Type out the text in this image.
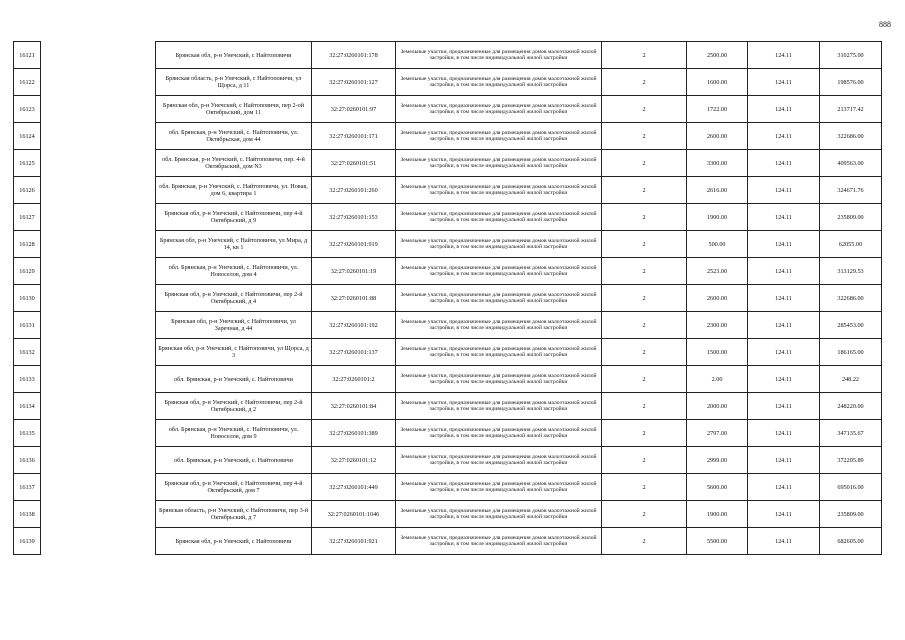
888
16121		Брянская обл, р-н Унечский, с Найтоповичи	32:27:0260101:178	Земельные участки, предназначенные для размещения домов малоэтажной жилой застройки, в том числе индивидуальной жилой застройки	2	2500.00	124.11	310275.00
16122		Брянская область, р-н Унечский, с Найтоповичи, ул Щорса, д 11	32:27:0260101:127	Земельные участки, предназначенные для размещения домов малоэтажной жилой застройки, в том числе индивидуальной жилой застройки	2	1600.00	124.11	198576.00
16123		Брянская обл, р-н Унечский, с Найтоповичи, пер 2-ой Октябрьский, дом 11	32:27:0260101:97	Земельные участки, предназначенные для размещения домов малоэтажной жилой застройки, в том числе индивидуальной жилой застройки	2	1722.00	124.11	213717.42
16124		обл. Брянская, р-н Унечский, с. Найтоповичи, ул. Октябрьская, дом 44	32:27:0260101:171	Земельные участки, предназначенные для размещения домов малоэтажной жилой застройки, в том числе индивидуальной жилой застройки	2	2600.00	124.11	322686.00
16125		обл. Брянская, р-н Унечский, с. Найтоповичи, пер. 4-й Октябрьский, дом N3	32:27:0260101:51	Земельные участки, предназначенные для размещения домов малоэтажной жилой застройки, в том числе индивидуальной жилой застройки	2	3300.00	124.11	409563.00
16126		обл. Брянская, р-н Унечский, с. Найтоповичи, ул. Новая, дом 6, квартира 1	32:27:0260101:260	Земельные участки, предназначенные для размещения домов малоэтажной жилой застройки, в том числе индивидуальной жилой застройки	2	2616.00	124.11	324671.76
16127		Брянская обл, р-н Унечский, с Найтоповичи, пер 4-й Октябрьский, д 9	32:27:0260101:153	Земельные участки, предназначенные для размещения домов малоэтажной жилой застройки, в том числе индивидуальной жилой застройки	2	1900.00	124.11	235809.00
16128		Брянская обл, р-н Унечский, с Найтоповичи, ул Мира, д 14, кв 1	32:27:0260101:919	Земельные участки, предназначенные для размещения домов малоэтажной жилой застройки, в том числе индивидуальной жилой застройки	2	500.00	124.11	62055.00
16129		обл. Брянская, р-н Унечский, с. Найтоповичи, ул. Новоселов, дом 4	32:27:0260101:19	Земельные участки, предназначенные для размещения домов малоэтажной жилой застройки, в том числе индивидуальной жилой застройки	2	2523.00	124.11	313129.53
16130		Брянская обл, р-н Унечский, с Найтоповичи, пер 2-й Октябрьский, д 4	32:27:0260101:88	Земельные участки, предназначенные для размещения домов малоэтажной жилой застройки, в том числе индивидуальной жилой застройки	2	2600.00	124.11	322686.00
16131		Брянская обл, р-н Унечский, с Найтоповичи, ул Заречная, д 44	32:27:0260101:192	Земельные участки, предназначенные для размещения домов малоэтажной жилой застройки, в том числе индивидуальной жилой застройки	2	2300.00	124.11	285453.00
16132		Брянская обл, р-н Унечский, с Найтоповичи, ул Щорса, д 3	32:27:0260101:137	Земельные участки, предназначенные для размещения домов малоэтажной жилой застройки, в том числе индивидуальной жилой застройки	2	1500.00	124.11	186165.00
16133		обл. Брянская, р-н Унечский, с. Найтоповичи	32:27:0260101:2	Земельные участки, предназначенные для размещения домов малоэтажной жилой застройки, в том числе индивидуальной жилой застройки	2	2.00	124.11	248.22
16134		Брянская обл, р-н Унечский, с Найтоповичи, пер 2-й Октябрьский, д 2	32:27:0260101:84	Земельные участки, предназначенные для размещения домов малоэтажной жилой застройки, в том числе индивидуальной жилой застройки	2	2000.00	124.11	248220.00
16135		обл. Брянская, р-н Унечский, с. Найтоповичи, ул. Новоселов, дом 9	32:27:0260101:389	Земельные участки, предназначенные для размещения домов малоэтажной жилой застройки, в том числе индивидуальной жилой застройки	2	2797.00	124.11	347135.67
16136		обл. Брянская, р-н Унечский, с. Найтоповичи	32:27:0260101:12	Земельные участки, предназначенные для размещения домов малоэтажной жилой застройки, в том числе индивидуальной жилой застройки	2	2999.00	124.11	372205.89
16137		Брянская обл, р-н Унечский, с Найтоповичи, пер 4-й Октябрьский, дом 7	32:27:0260101:449	Земельные участки, предназначенные для размещения домов малоэтажной жилой застройки, в том числе индивидуальной жилой застройки	2	5600.00	124.11	695016.00
16138		Брянская область, р-н Унечский, с Найтоповичи, пер 3-й Октябрьский, д 7	32:27:0260101:1046	Земельные участки, предназначенные для размещения домов малоэтажной жилой застройки, в том числе индивидуальной жилой застройки	2	1900.00	124.11	235809.00
16139		Брянская обл, р-н Унечский, с Найтоповичи	32:27:0260101:921	Земельные участки, предназначенные для размещения домов малоэтажной жилой застройки, в том числе индивидуальной жилой застройки	2	5500.00	124.11	682605.00
